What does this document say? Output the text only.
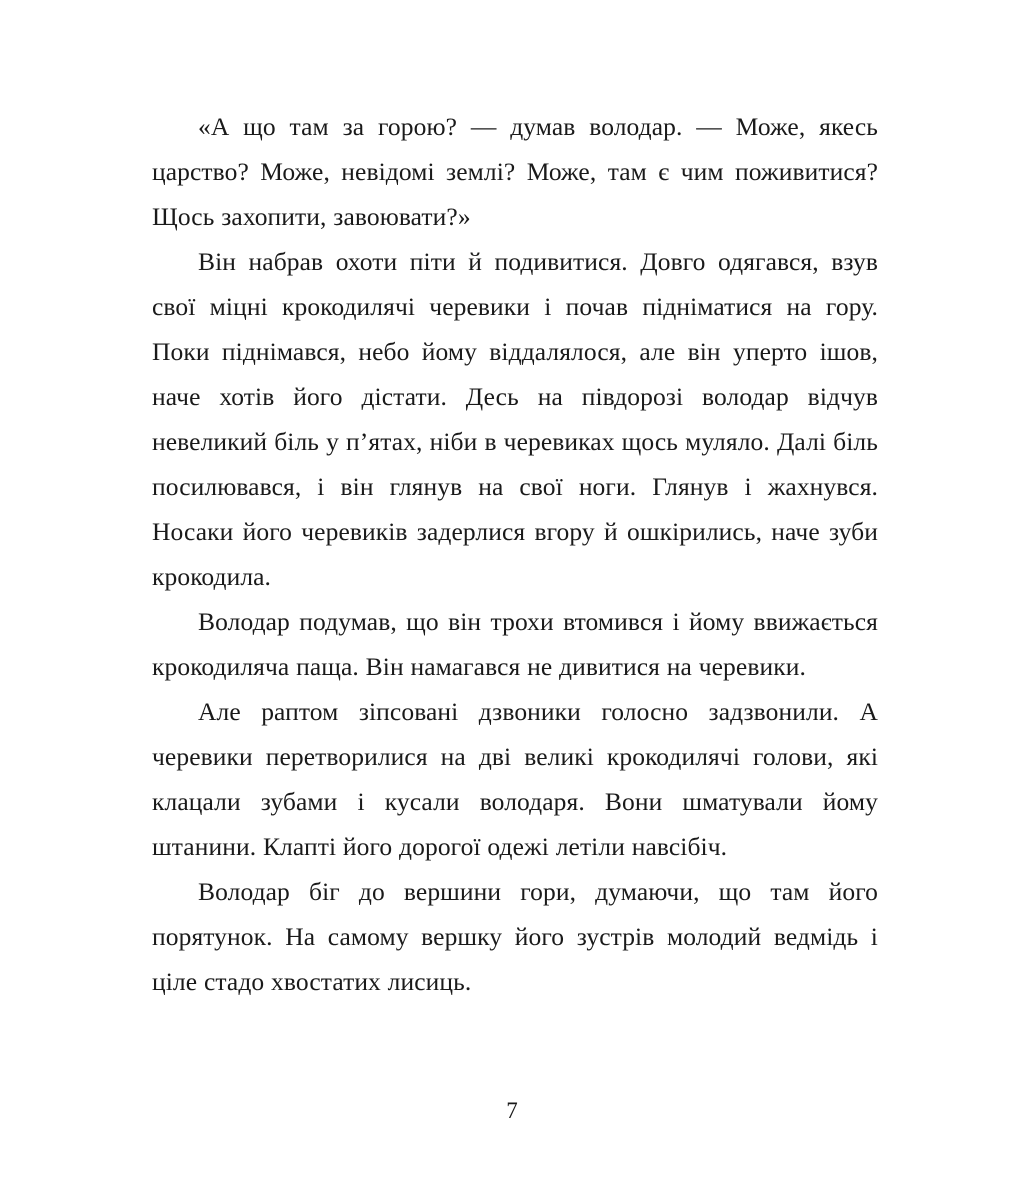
«А що там за горою? — думав володар. — Може, якесь царство? Може, невідомі землі? Може, там є чим поживитися? Щось захопити, завоювати?»

Він набрав охоти піти й подивитися. Довго одягався, взув свої міцні крокодилячі черевики і почав підніматися на гору. Поки піднімався, небо йому віддалялося, але він уперто ішов, наче хотів його дістати. Десь на півдорозі володар відчув невеликий біль у п’ятах, ніби в черевиках щось муляло. Далі біль посилювався, і він глянув на свої ноги. Глянув і жахнувся. Носаки його черевиків задерлися вгору й ошкірились, наче зуби крокодила.

Володар подумав, що він трохи втомився і йому ввижається крокодиляча паща. Він намагався не дивитися на черевики.

Але раптом зіпсовані дзвоники голосно задзвонили. А черевики перетворилися на дві великі крокодилячі голови, які клацали зубами і кусали володаря. Вони шматували йому штанини. Клапті його дорогої одежі летіли навсібіч.

Володар біг до вершини гори, думаючи, що там його порятунок. На самому вершку його зустрів молодий ведмідь і ціле стадо хвостатих лисиць.

7
